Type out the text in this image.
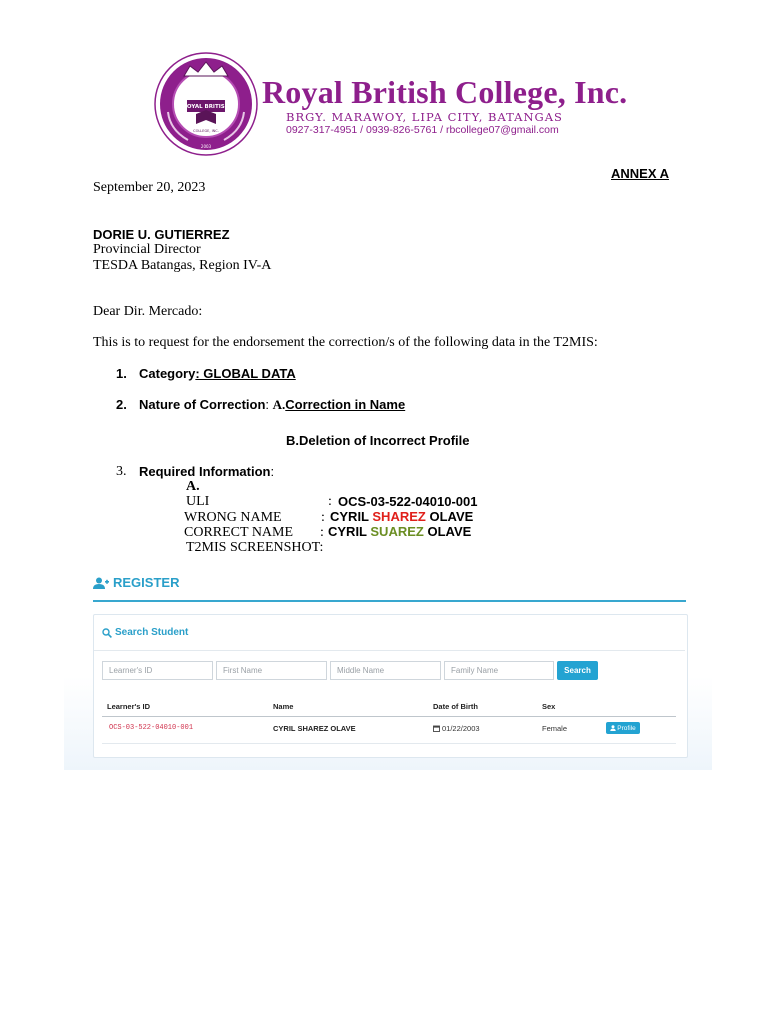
ROYAL BRITISH
COLLEGE, INC.
2003
Royal British College, Inc.
BRGY. MARAWOY, LIPA CITY, BATANGAS
0927-317-4951 / 0939-826-5761 / rbcollege07@gmail.com
ANNEX A
September 20, 2023
DORIE U. GUTIERREZ
Provincial Director
TESDA Batangas, Region IV-A
Dear Dir. Mercado:
This is to request for the endorsement the correction/s of the following data in the T2MIS:
1. Category: GLOBAL DATA
2. Nature of Correction: A.Correction in Name
B.Deletion of Incorrect Profile
3. Required Information:
A.
ULI	: OCS-03-522-04010-001
WRONG NAME	: CYRIL SHAREZ OLAVE
CORRECT NAME : CYRIL SUAREZ OLAVE
T2MIS SCREENSHOT:
REGISTER
Search Student
Learner's ID
First Name
Middle Name
Family Name
Search
Learner's ID	Name	Date of Birth	Sex
OCS-03-522-04010-001	CYRIL SHAREZ OLAVE	01/22/2003	Female	Profile
